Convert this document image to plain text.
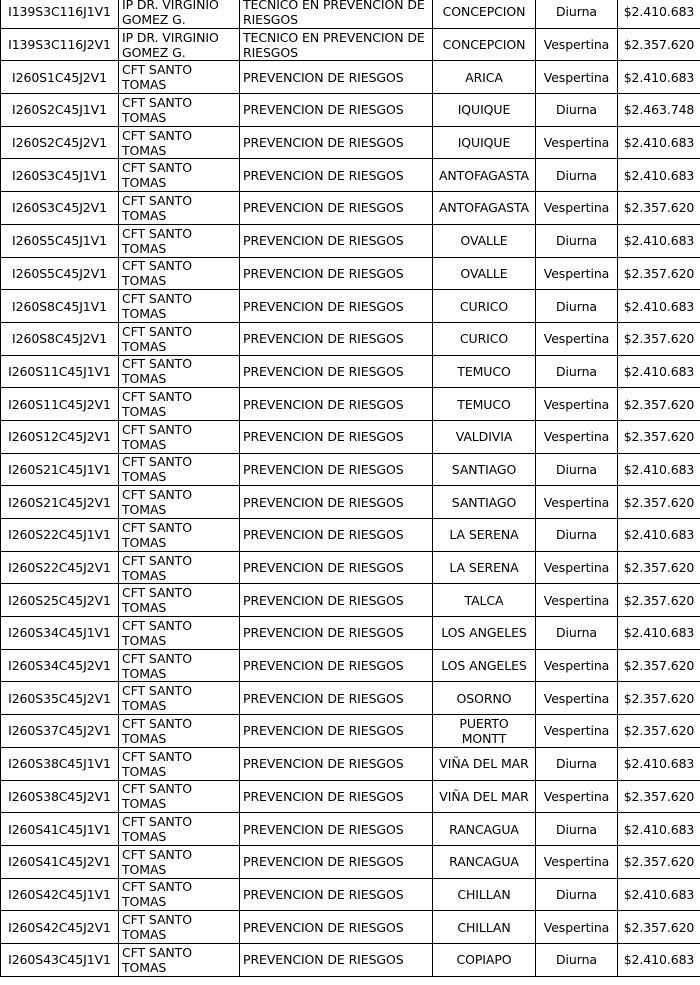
I139S3C116J1V1	IP DR. VIRGINIO GOMEZ G.	TECNICO EN PREVENCION DE RIESGOS	CONCEPCION	Diurna	$2.410.683
I139S3C116J2V1	IP DR. VIRGINIO GOMEZ G.	TECNICO EN PREVENCION DE RIESGOS	CONCEPCION	Vespertina	$2.357.620
I260S1C45J2V1	CFT SANTO TOMAS	PREVENCION DE RIESGOS	ARICA	Vespertina	$2.410.683
I260S2C45J1V1	CFT SANTO TOMAS	PREVENCION DE RIESGOS	IQUIQUE	Diurna	$2.463.748
I260S2C45J2V1	CFT SANTO TOMAS	PREVENCION DE RIESGOS	IQUIQUE	Vespertina	$2.410.683
I260S3C45J1V1	CFT SANTO TOMAS	PREVENCION DE RIESGOS	ANTOFAGASTA	Diurna	$2.410.683
I260S3C45J2V1	CFT SANTO TOMAS	PREVENCION DE RIESGOS	ANTOFAGASTA	Vespertina	$2.357.620
I260S5C45J1V1	CFT SANTO TOMAS	PREVENCION DE RIESGOS	OVALLE	Diurna	$2.410.683
I260S5C45J2V1	CFT SANTO TOMAS	PREVENCION DE RIESGOS	OVALLE	Vespertina	$2.357.620
I260S8C45J1V1	CFT SANTO TOMAS	PREVENCION DE RIESGOS	CURICO	Diurna	$2.410.683
I260S8C45J2V1	CFT SANTO TOMAS	PREVENCION DE RIESGOS	CURICO	Vespertina	$2.357.620
I260S11C45J1V1	CFT SANTO TOMAS	PREVENCION DE RIESGOS	TEMUCO	Diurna	$2.410.683
I260S11C45J2V1	CFT SANTO TOMAS	PREVENCION DE RIESGOS	TEMUCO	Vespertina	$2.357.620
I260S12C45J2V1	CFT SANTO TOMAS	PREVENCION DE RIESGOS	VALDIVIA	Vespertina	$2.357.620
I260S21C45J1V1	CFT SANTO TOMAS	PREVENCION DE RIESGOS	SANTIAGO	Diurna	$2.410.683
I260S21C45J2V1	CFT SANTO TOMAS	PREVENCION DE RIESGOS	SANTIAGO	Vespertina	$2.357.620
I260S22C45J1V1	CFT SANTO TOMAS	PREVENCION DE RIESGOS	LA SERENA	Diurna	$2.410.683
I260S22C45J2V1	CFT SANTO TOMAS	PREVENCION DE RIESGOS	LA SERENA	Vespertina	$2.357.620
I260S25C45J2V1	CFT SANTO TOMAS	PREVENCION DE RIESGOS	TALCA	Vespertina	$2.357.620
I260S34C45J1V1	CFT SANTO TOMAS	PREVENCION DE RIESGOS	LOS ANGELES	Diurna	$2.410.683
I260S34C45J2V1	CFT SANTO TOMAS	PREVENCION DE RIESGOS	LOS ANGELES	Vespertina	$2.357.620
I260S35C45J2V1	CFT SANTO TOMAS	PREVENCION DE RIESGOS	OSORNO	Vespertina	$2.357.620
I260S37C45J2V1	CFT SANTO TOMAS	PREVENCION DE RIESGOS	PUERTO MONTT	Vespertina	$2.357.620
I260S38C45J1V1	CFT SANTO TOMAS	PREVENCION DE RIESGOS	VIÑA DEL MAR	Diurna	$2.410.683
I260S38C45J2V1	CFT SANTO TOMAS	PREVENCION DE RIESGOS	VIÑA DEL MAR	Vespertina	$2.357.620
I260S41C45J1V1	CFT SANTO TOMAS	PREVENCION DE RIESGOS	RANCAGUA	Diurna	$2.410.683
I260S41C45J2V1	CFT SANTO TOMAS	PREVENCION DE RIESGOS	RANCAGUA	Vespertina	$2.357.620
I260S42C45J1V1	CFT SANTO TOMAS	PREVENCION DE RIESGOS	CHILLAN	Diurna	$2.410.683
I260S42C45J2V1	CFT SANTO TOMAS	PREVENCION DE RIESGOS	CHILLAN	Vespertina	$2.357.620
I260S43C45J1V1	CFT SANTO TOMAS	PREVENCION DE RIESGOS	COPIAPO	Diurna	$2.410.683
